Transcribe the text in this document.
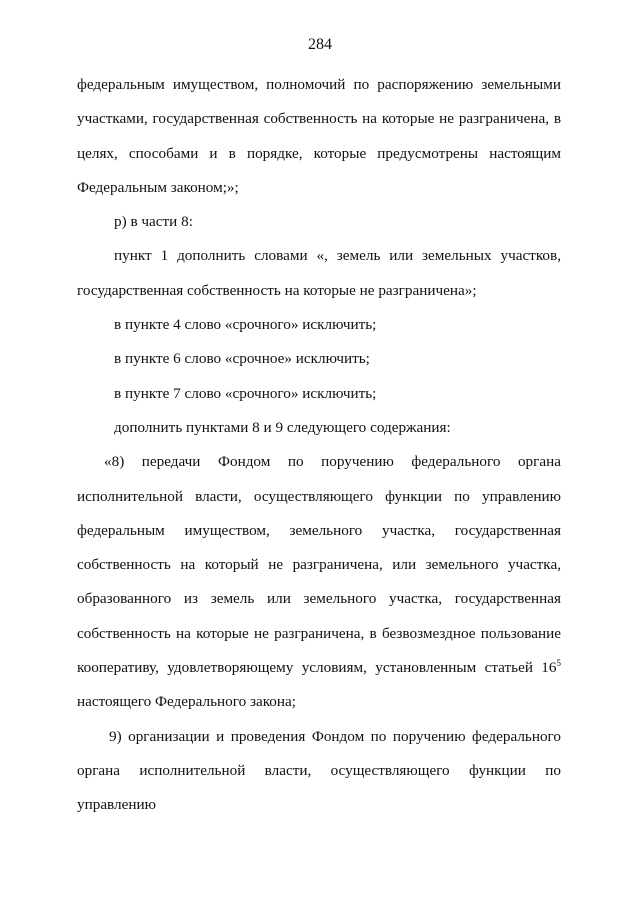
284
федеральным имуществом, полномочий по распоряжению земельными
участками, государственная собственность на которые не разграничена, в
целях, способами и в порядке, которые предусмотрены настоящим
Федеральным законом;»;
р) в части 8:
пункт 1 дополнить словами «, земель или земельных участков,
государственная собственность на которые не разграничена»;
в пункте 4 слово «срочного» исключить;
в пункте 6 слово «срочное» исключить;
в пункте 7 слово «срочного» исключить;
дополнить пунктами 8 и 9 следующего содержания:
«8) передачи Фондом по поручению федерального органа
исполнительной власти, осуществляющего функции по управлению
федеральным имуществом, земельного участка, государственная
собственность на который не разграничена, или земельного участка,
образованного из земель или земельного участка, государственная
собственность на которые не разграничена, в безвозмездное пользование
кооперативу, удовлетворяющему условиям, установленным статьей $16^5$
настоящего Федерального закона;
9) организации и проведения Фондом по поручению федерального
органа исполнительной власти, осуществляющего функции по управлению
